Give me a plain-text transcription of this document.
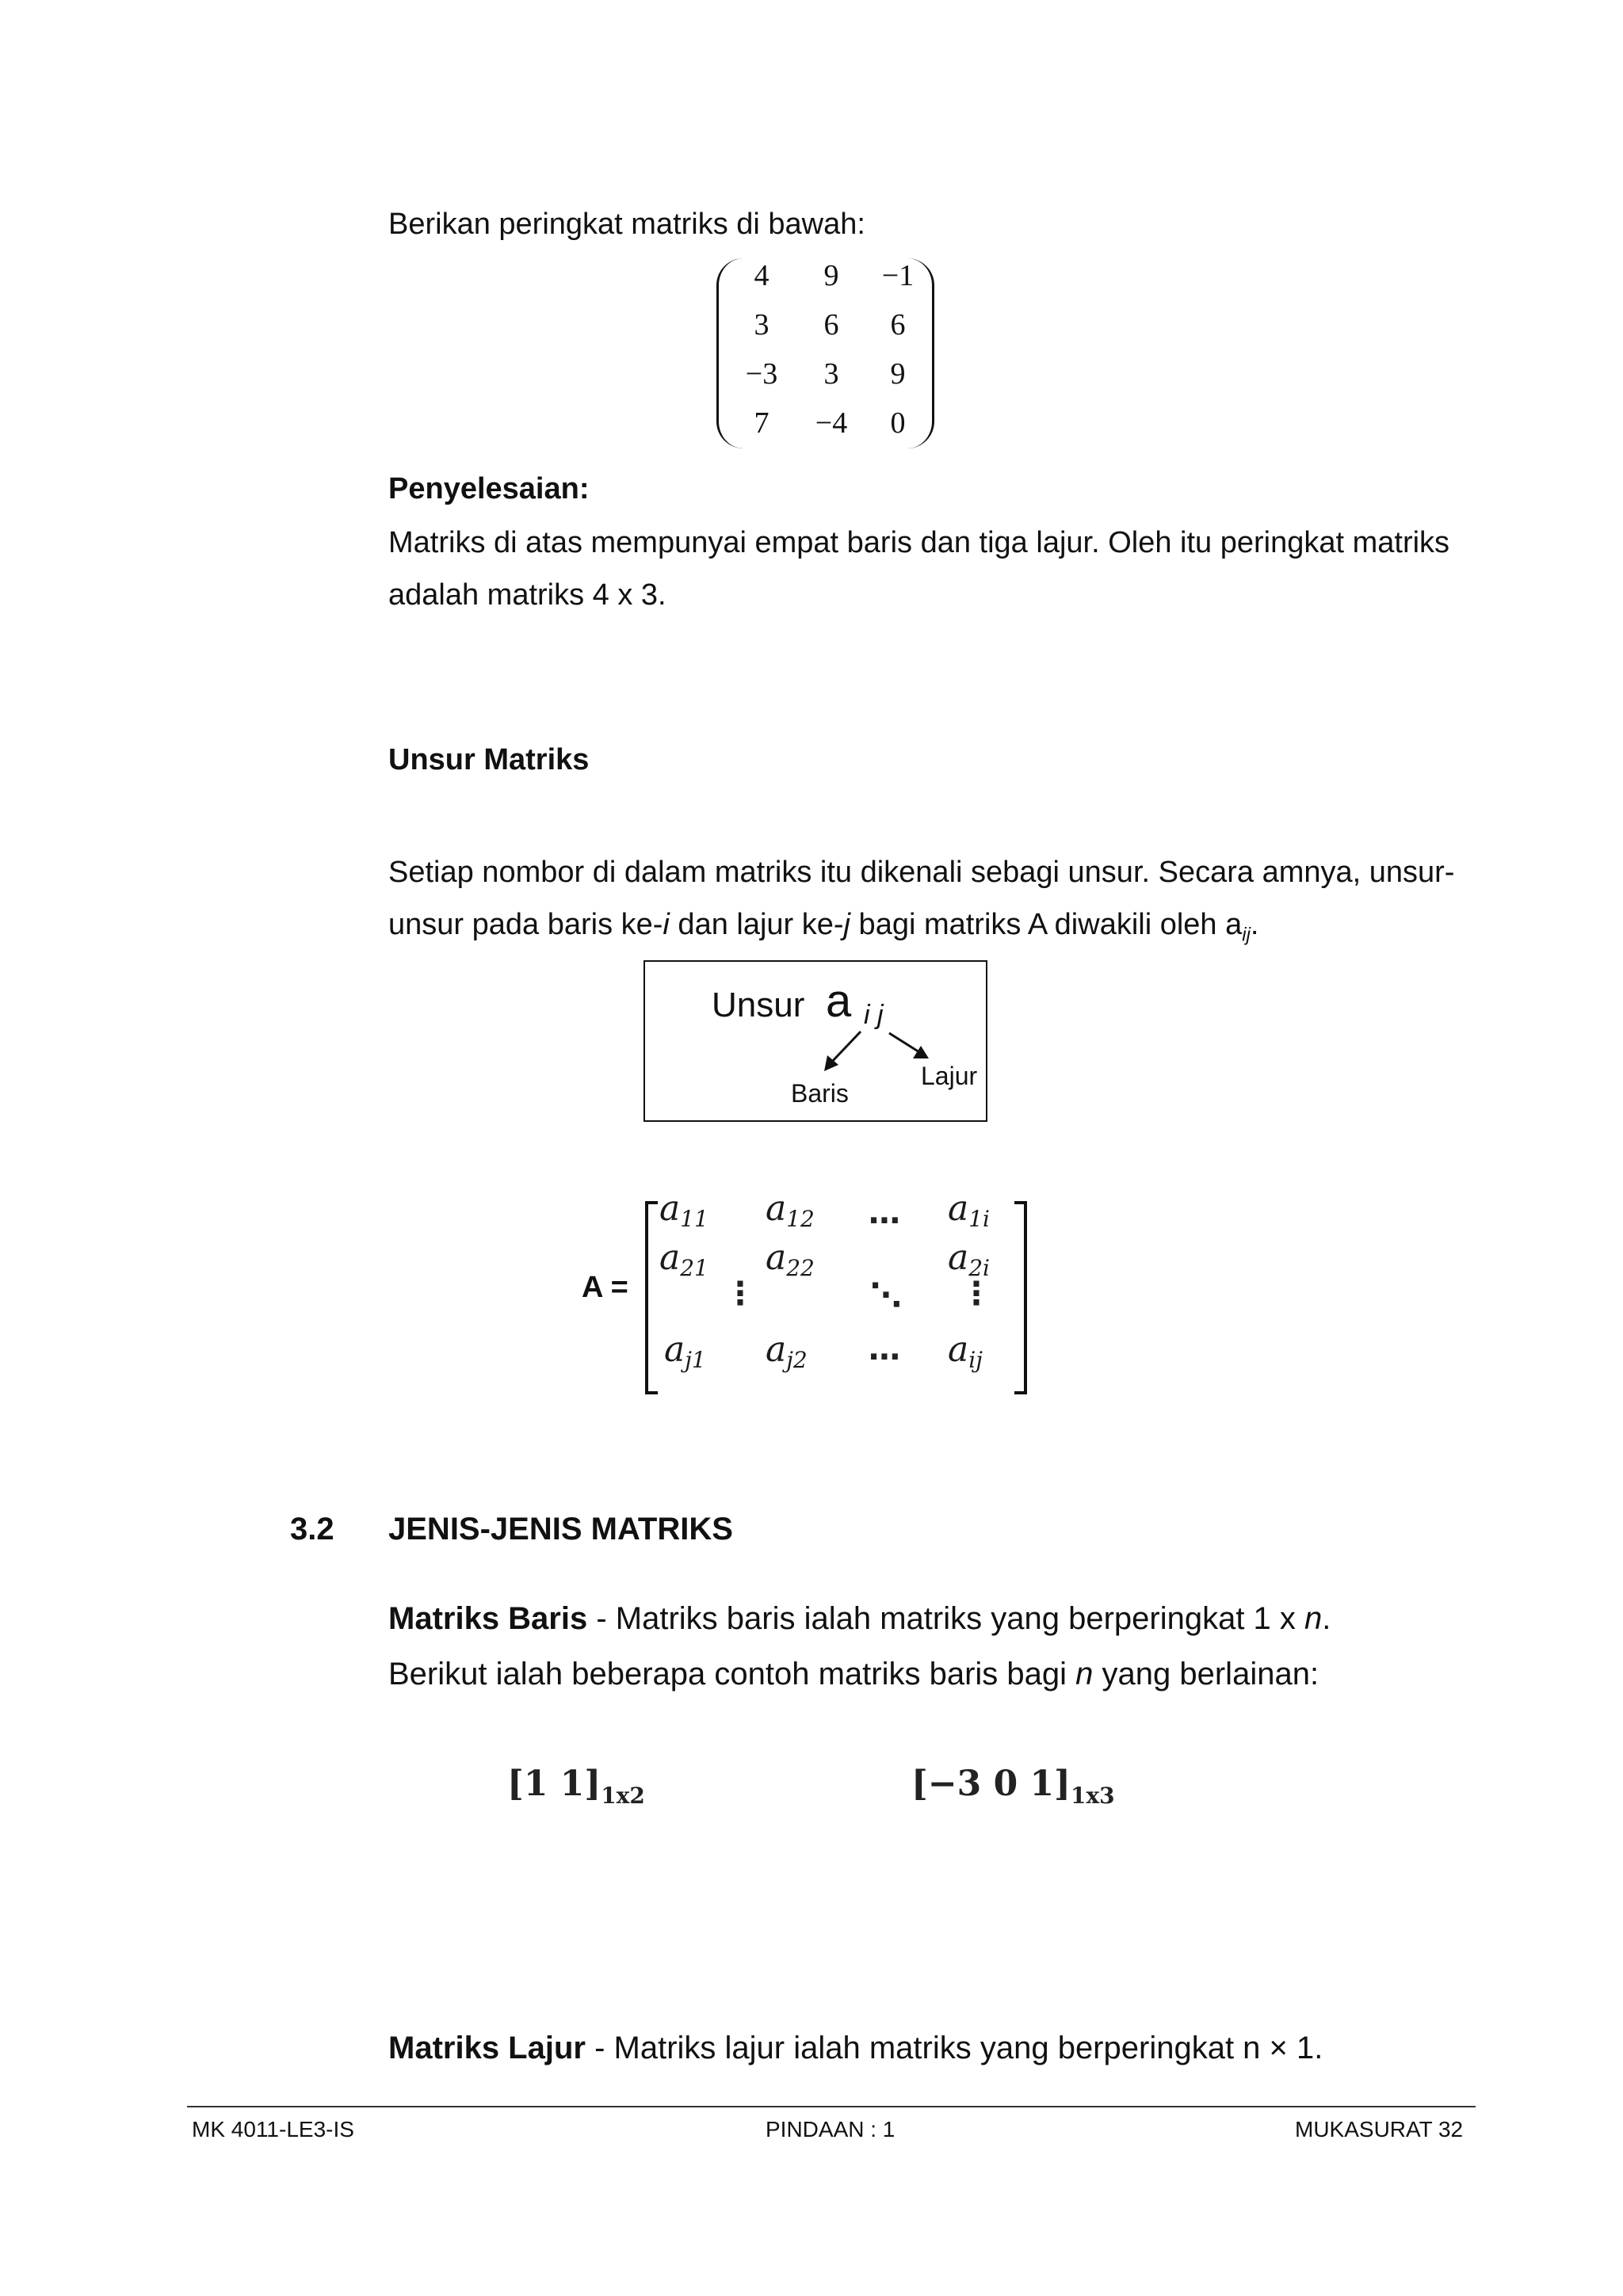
Berikan peringkat matriks di bawah:
4	9	−1
3	6	6
−3	3	9
7	−4	0
Penyelesaian:
Matriks di atas mempunyai empat baris dan tiga lajur. Oleh itu peringkat matriks
adalah matriks 4 x 3.
Unsur Matriks
Setiap nombor di dalam matriks itu dikenali sebagi unsur. Secara amnya, unsur-
unsur pada baris ke-i dan lajur ke-j bagi matriks A diwakili oleh $a_{ij}$.
Unsur a i j
Baris
Lajur
A =
$a_{11}$ $a_{12}$ ⋯ $a_{1i}$
$a_{21}$ $a_{22}$	$a_{2i}$
⋮	⋱ ⋮
$a_{j1}$ $a_{j2}$ ⋯ $a_{ij}$
3.2 JENIS-JENIS MATRIKS
Matriks Baris - Matriks baris ialah matriks yang berperingkat 1 x n.
Berikut ialah beberapa contoh matriks baris bagi n yang berlainan:
[1 $1]_{1x2}$	[−3 0 $1]_{1x3}$
Matriks Lajur - Matriks lajur ialah matriks yang berperingkat n × 1.
MK 4011-LE3-IS	PINDAAN : 1	MUKASURAT 32
